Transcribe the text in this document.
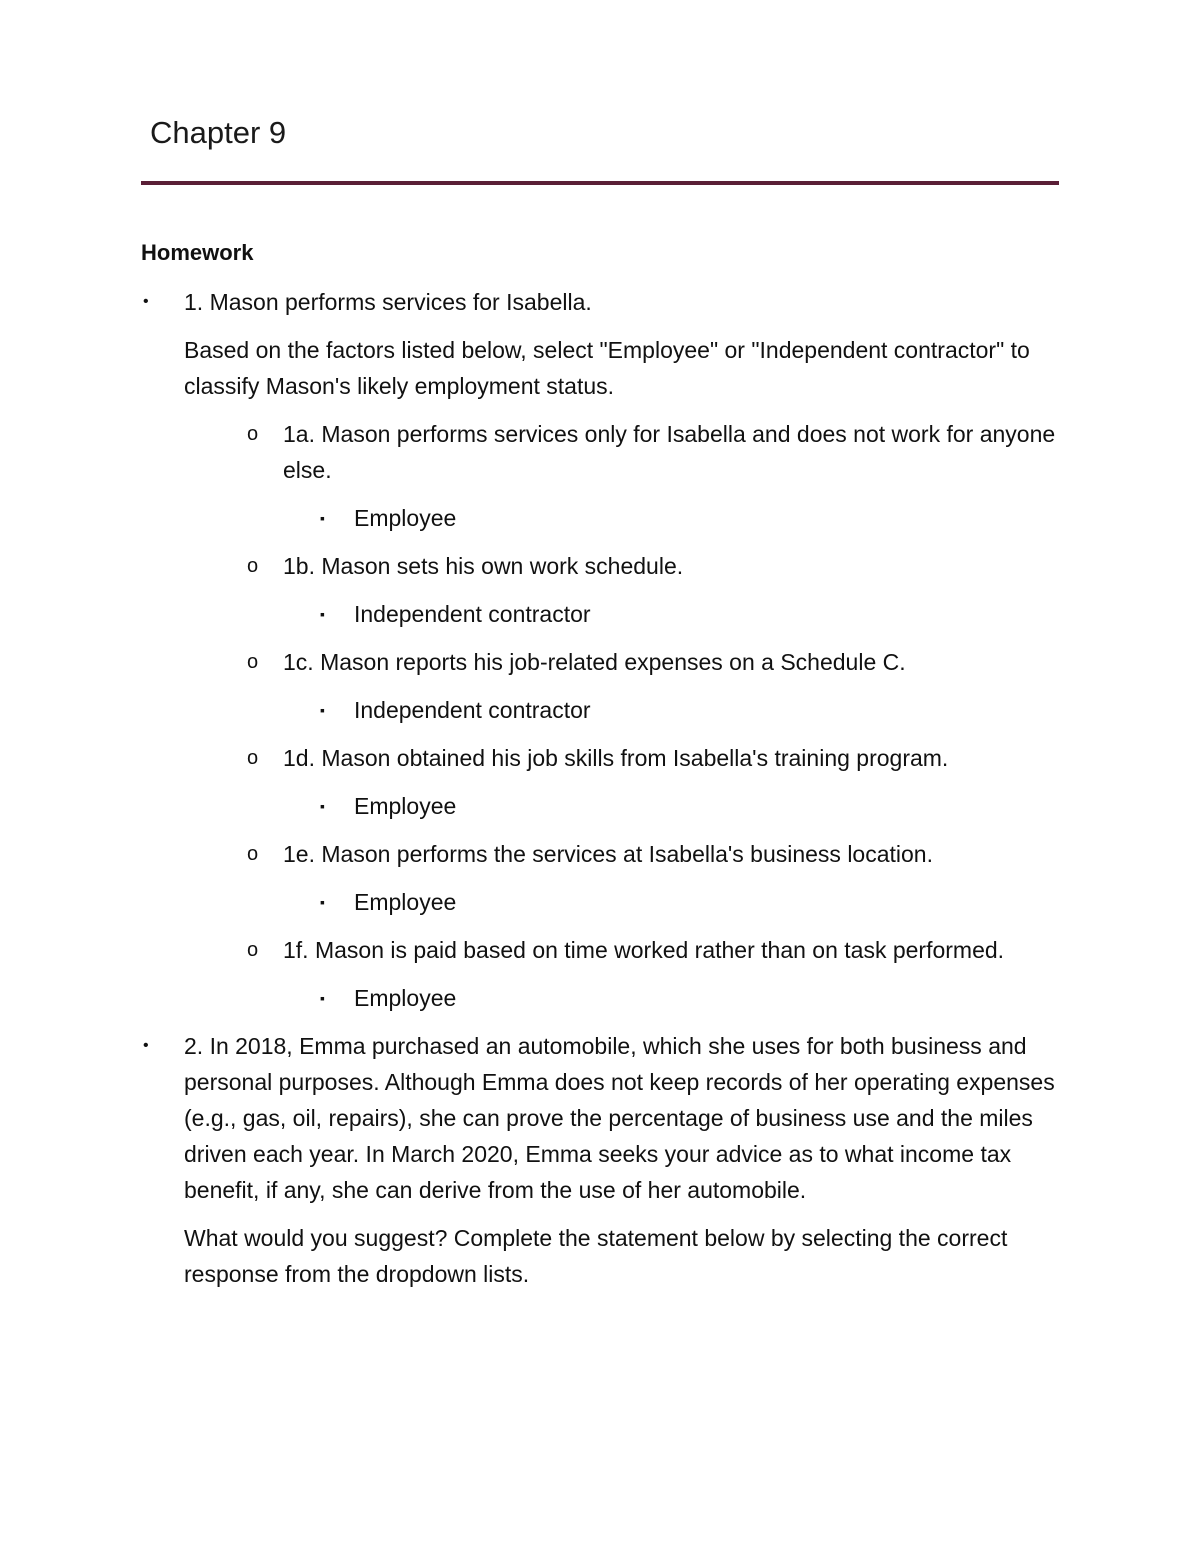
Chapter 9
Homework
• 1. Mason performs services for Isabella.
Based on the factors listed below, select "Employee" or "Independent contractor" to classify Mason's likely employment status.
o 1a. Mason performs services only for Isabella and does not work for anyone else.
▪ Employee
o 1b. Mason sets his own work schedule.
▪ Independent contractor
o 1c. Mason reports his job-related expenses on a Schedule C.
▪ Independent contractor
o 1d. Mason obtained his job skills from Isabella's training program.
▪ Employee
o 1e. Mason performs the services at Isabella's business location.
▪ Employee
o 1f. Mason is paid based on time worked rather than on task performed.
▪ Employee
• 2. In 2018, Emma purchased an automobile, which she uses for both business and personal purposes. Although Emma does not keep records of her operating expenses (e.g., gas, oil, repairs), she can prove the percentage of business use and the miles driven each year. In March 2020, Emma seeks your advice as to what income tax benefit, if any, she can derive from the use of her automobile.
What would you suggest? Complete the statement below by selecting the correct response from the dropdown lists.
